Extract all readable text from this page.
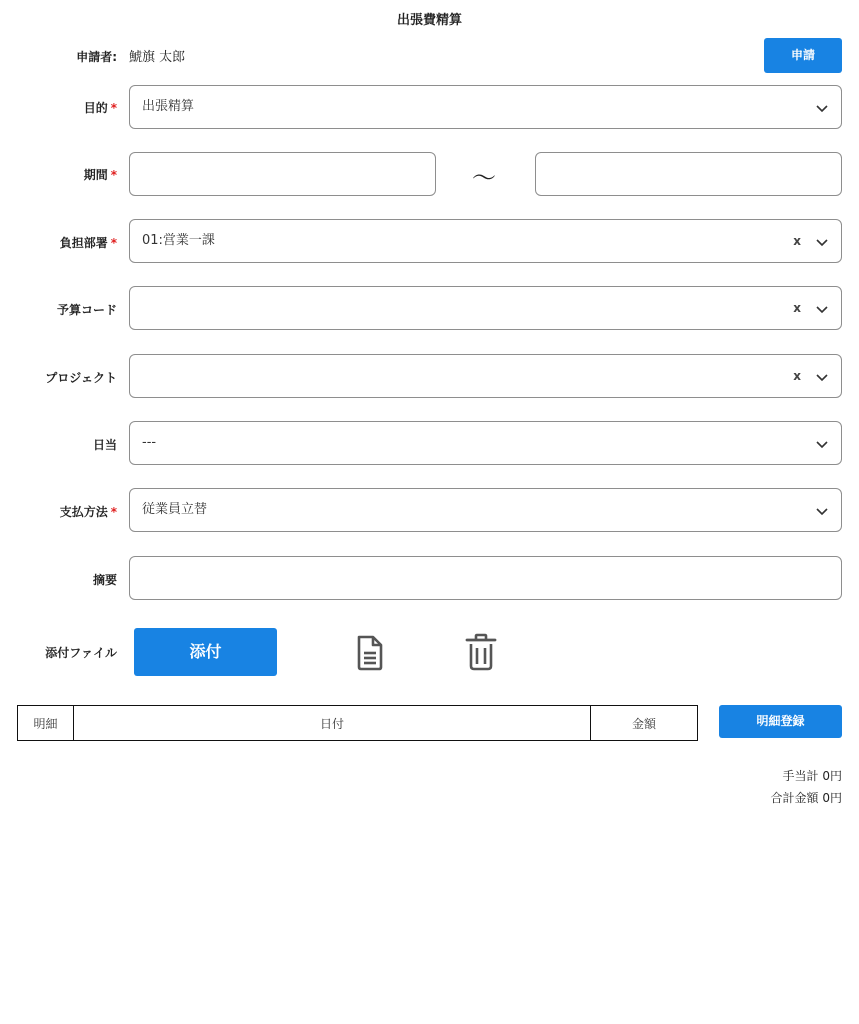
出張費精算
申請者: 鯱旗 太郎	申請
目的 * 出張精算
期間 *	〜
負担部署 * 01:営業一課	x
予算コード	x
プロジェクト	x
日当 ---
支払方法 * 従業員立替
摘要
添付ファイル	添付
明細	日付	金額	明細登録
手当計 0円
合計金額 0円
